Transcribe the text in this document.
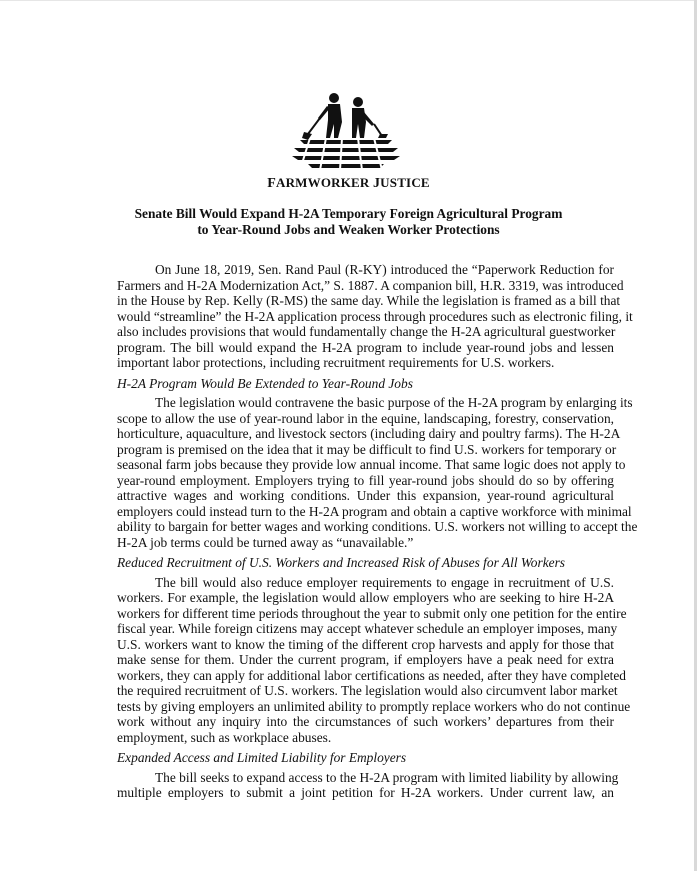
FARMWORKER JUSTICE
Senate Bill Would Expand H-2A Temporary Foreign Agricultural Program
to Year-Round Jobs and Weaken Worker Protections
On June 18, 2019, Sen. Rand Paul (R-KY) introduced the “Paperwork Reduction for
Farmers and H-2A Modernization Act,” S. 1887. A companion bill, H.R. 3319, was introduced
in the House by Rep. Kelly (R-MS) the same day. While the legislation is framed as a bill that
would “streamline” the H-2A application process through procedures such as electronic filing, it
also includes provisions that would fundamentally change the H-2A agricultural guestworker
program. The bill would expand the H-2A program to include year-round jobs and lessen
important labor protections, including recruitment requirements for U.S. workers.
H-2A Program Would Be Extended to Year-Round Jobs
The legislation would contravene the basic purpose of the H-2A program by enlarging its
scope to allow the use of year-round labor in the equine, landscaping, forestry, conservation,
horticulture, aquaculture, and livestock sectors (including dairy and poultry farms). The H-2A
program is premised on the idea that it may be difficult to find U.S. workers for temporary or
seasonal farm jobs because they provide low annual income. That same logic does not apply to
year-round employment. Employers trying to fill year-round jobs should do so by offering
attractive wages and working conditions. Under this expansion, year-round agricultural
employers could instead turn to the H-2A program and obtain a captive workforce with minimal
ability to bargain for better wages and working conditions. U.S. workers not willing to accept the
H-2A job terms could be turned away as “unavailable.”
Reduced Recruitment of U.S. Workers and Increased Risk of Abuses for All Workers
The bill would also reduce employer requirements to engage in recruitment of U.S.
workers. For example, the legislation would allow employers who are seeking to hire H-2A
workers for different time periods throughout the year to submit only one petition for the entire
fiscal year. While foreign citizens may accept whatever schedule an employer imposes, many
U.S. workers want to know the timing of the different crop harvests and apply for those that
make sense for them. Under the current program, if employers have a peak need for extra
workers, they can apply for additional labor certifications as needed, after they have completed
the required recruitment of U.S. workers. The legislation would also circumvent labor market
tests by giving employers an unlimited ability to promptly replace workers who do not continue
work without any inquiry into the circumstances of such workers’ departures from their
employment, such as workplace abuses.
Expanded Access and Limited Liability for Employers
The bill seeks to expand access to the H-2A program with limited liability by allowing
multiple employers to submit a joint petition for H-2A workers. Under current law, an
